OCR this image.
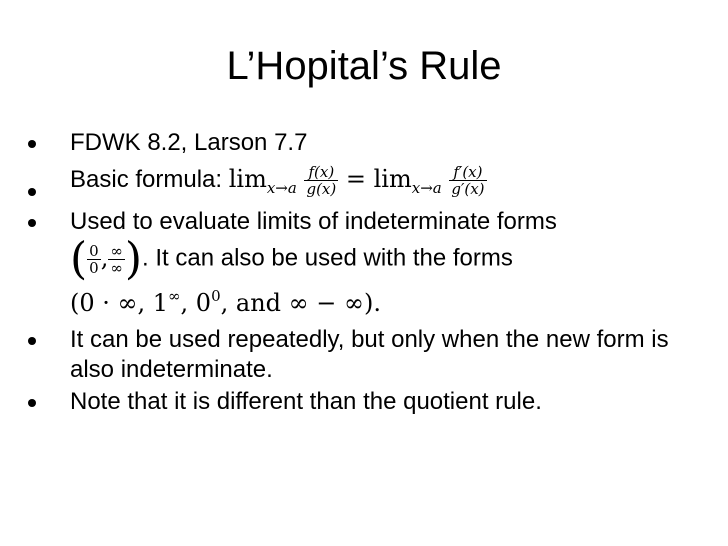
L’Hopital’s Rule
FDWK 8.2, Larson 7.7
Basic formula: $\lim_{x\to a} \frac{f(x)}{g(x)} = \lim_{x\to a} \frac{f'(x)}{g'(x)}$
Used to evaluate limits of indeterminate forms
( $\frac{0}{0}$ , $\frac{\infty}{\infty}$ ). It can also be used with the forms
(0 · ∞, 1∞, $0^0$, and ∞ − ∞).
It can be used repeatedly, but only when the new form is also indeterminate.
Note that it is different than the quotient rule.
